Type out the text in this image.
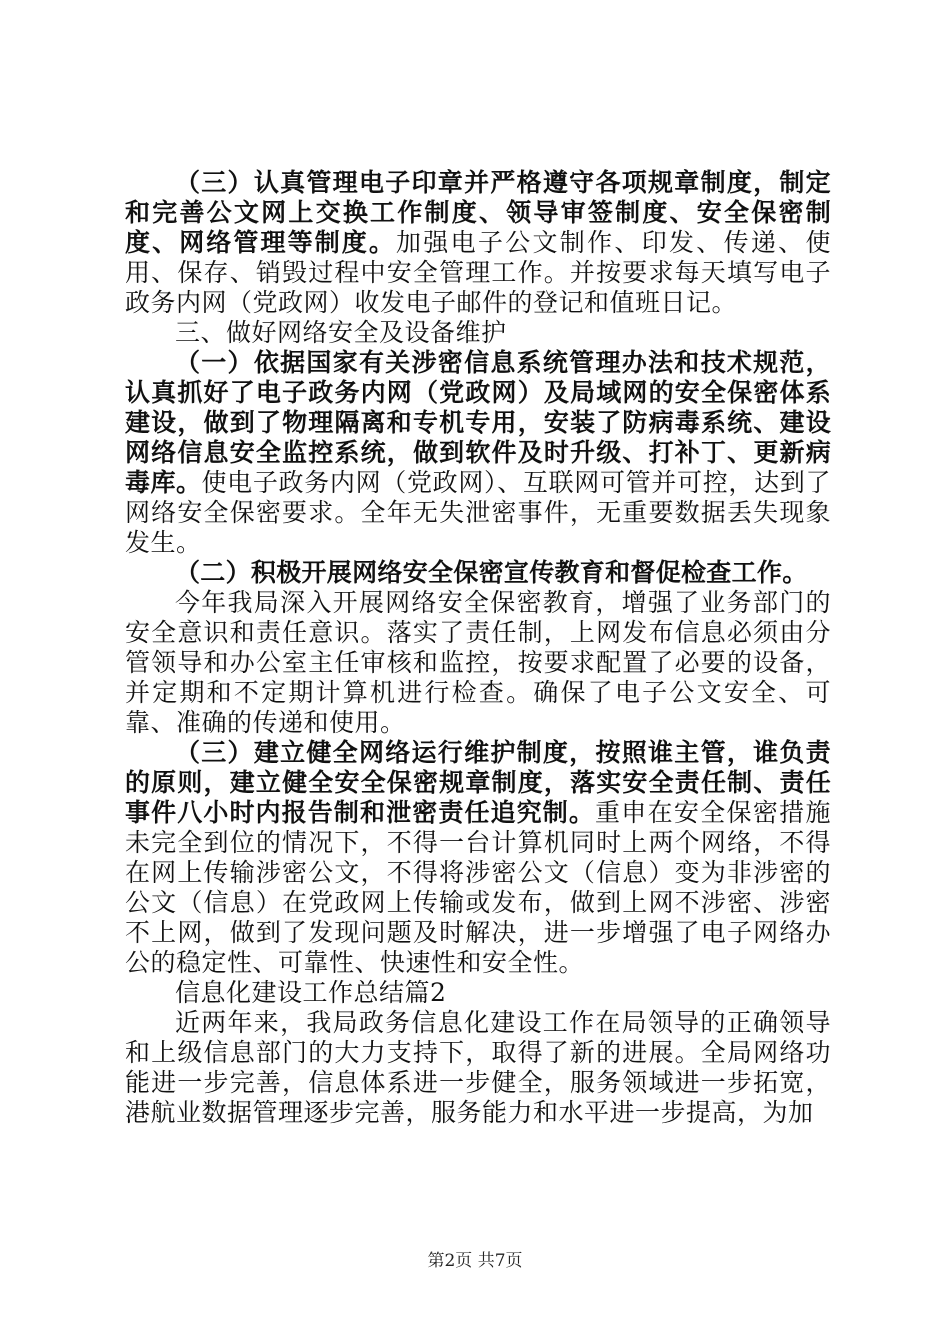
（三）认真管理电子印章并严格遵守各项规章制度，制定和完善公文网上交换工作制度、领导审签制度、安全保密制度、网络管理等制度。加强电子公文制作、印发、传递、使用、保存、销毁过程中安全管理工作。并按要求每天填写电子政务内网（党政网）收发电子邮件的登记和值班日记。

三、做好网络安全及设备维护

（一）依据国家有关涉密信息系统管理办法和技术规范，认真抓好了电子政务内网（党政网）及局域网的安全保密体系建设，做到了物理隔离和专机专用，安装了防病毒系统、建设网络信息安全监控系统，做到软件及时升级、打补丁、更新病毒库。使电子政务内网（党政网）、互联网可管并可控，达到了网络安全保密要求。全年无失泄密事件，无重要数据丢失现象发生。

（二）积极开展网络安全保密宣传教育和督促检查工作。

今年我局深入开展网络安全保密教育，增强了业务部门的安全意识和责任意识。落实了责任制，上网发布信息必须由分管领导和办公室主任审核和监控，按要求配置了必要的设备，并定期和不定期计算机进行检查。确保了电子公文安全、可靠、准确的传递和使用。

（三）建立健全网络运行维护制度，按照谁主管，谁负责的原则，建立健全安全保密规章制度，落实安全责任制、责任事件八小时内报告制和泄密责任追究制。重申在安全保密措施未完全到位的情况下，不得一台计算机同时上两个网络，不得在网上传输涉密公文，不得将涉密公文（信息）变为非涉密的公文（信息）在党政网上传输或发布，做到上网不涉密、涉密不上网，做到了发现问题及时解决，进一步增强了电子网络办公的稳定性、可靠性、快速性和安全性。

信息化建设工作总结篇2

近两年来，我局政务信息化建设工作在局领导的正确领导和上级信息部门的大力支持下，取得了新的进展。全局网络功能进一步完善，信息体系进一步健全，服务领域进一步拓宽，港航业数据管理逐步完善，服务能力和水平进一步提高，为加

第2页 共7页
